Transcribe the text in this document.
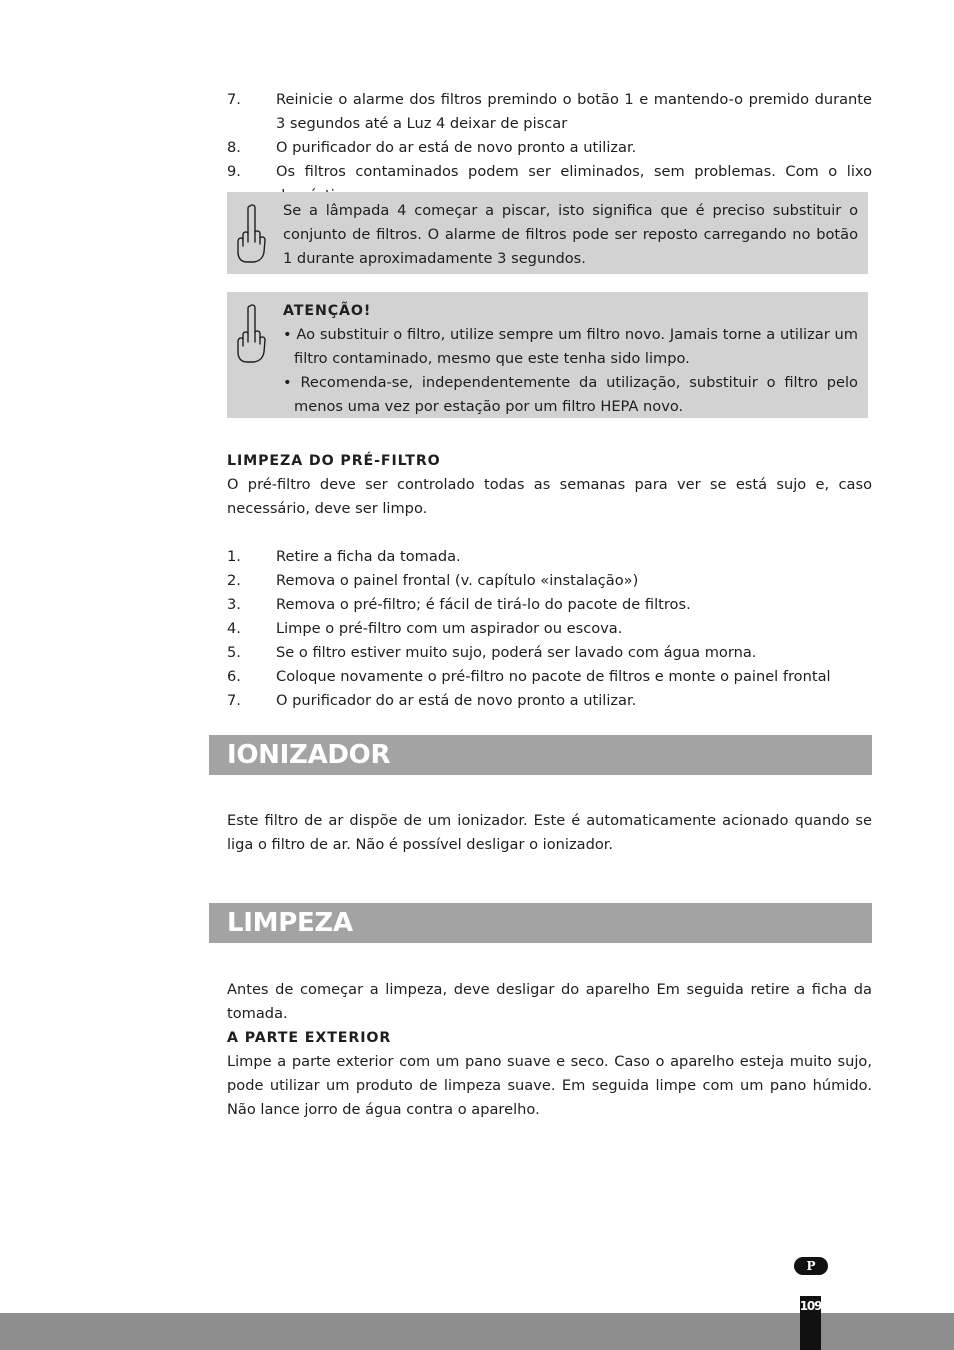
7.	Reinicie o alarme dos filtros premindo o botão 1 e mantendo-o premido durante 3 segundos até a Luz 4 deixar de piscar
8.	O purificador do ar está de novo pronto a utilizar.
9.	Os filtros contaminados podem ser eliminados, sem problemas. Com o lixo
Se a lâmpada 4 começar a piscar, isto significa que é preciso substituir o conjunto de filtros. O alarme de filtros pode ser reposto carregando no botão 1 durante aproximadamente 3 segundos.
ATENÇÃO!
• Ao substituir o filtro, utilize sempre um filtro novo. Jamais torne a utilizar um filtro contaminado, mesmo que este tenha sido limpo.
• Recomenda-se, independentemente da utilização, substituir o filtro pelo menos uma vez por estação por um filtro HEPA novo.
LIMPEZA DO PRÉ-FILTRO
O pré-filtro deve ser controlado todas as semanas para ver se está sujo e, caso necessário, deve ser limpo.
1.	Retire a ficha da tomada.
2.	Remova o painel frontal (v. capítulo «instalação»)
3.	Remova o pré-filtro; é fácil de tirá-lo do pacote de filtros.
4.	Limpe o pré-filtro com um aspirador ou escova.
5.	Se o filtro estiver muito sujo, poderá ser lavado com água morna.
6.	Coloque novamente o pré-filtro no pacote de filtros e monte o painel frontal
7.	O purificador do ar está de novo pronto a utilizar.
IONIZADOR
Este filtro de ar dispõe de um ionizador. Este é automaticamente acionado quando se liga o filtro de ar. Não é possível desligar o ionizador.
LIMPEZA
Antes de começar a limpeza, deve desligar do aparelho Em seguida retire a ficha da tomada.
A PARTE EXTERIOR
Limpe a parte exterior com um pano suave e seco. Caso o aparelho esteja muito sujo, pode utilizar um produto de limpeza suave. Em seguida limpe com um pano húmido. Não lance jorro de água contra o aparelho.
P
109
